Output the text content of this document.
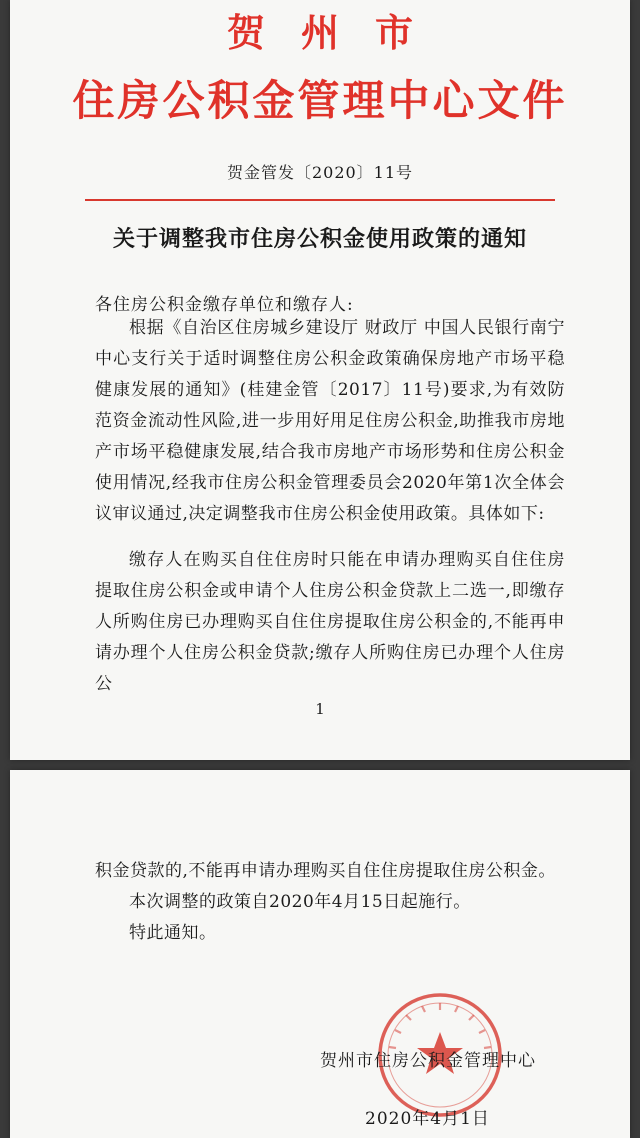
贺州市
住房公积金管理中心文件
贺金管发〔2020〕11号
关于调整我市住房公积金使用政策的通知
各住房公积金缴存单位和缴存人:

根据《自治区住房城乡建设厅 财政厅 中国人民银行南宁中心支行关于适时调整住房公积金政策确保房地产市场平稳健康发展的通知》(桂建金管〔2017〕11号)要求,为有效防范资金流动性风险,进一步用好用足住房公积金,助推我市房地产市场平稳健康发展,结合我市房地产市场形势和住房公积金使用情况,经我市住房公积金管理委员会2020年第1次全体会议审议通过,决定调整我市住房公积金使用政策。具体如下:

缴存人在购买自住住房时只能在申请办理购买自住住房提取住房公积金或申请个人住房公积金贷款上二选一,即缴存人所购住房已办理购买自住住房提取住房公积金的,不能再申请办理个人住房公积金贷款;缴存人所购住房已办理个人住房公

1

积金贷款的,不能再申请办理购买自住住房提取住房公积金。

本次调整的政策自2020年4月15日起施行。

特此通知。

贺州市住房公积金管理中心
2020年4月1日
